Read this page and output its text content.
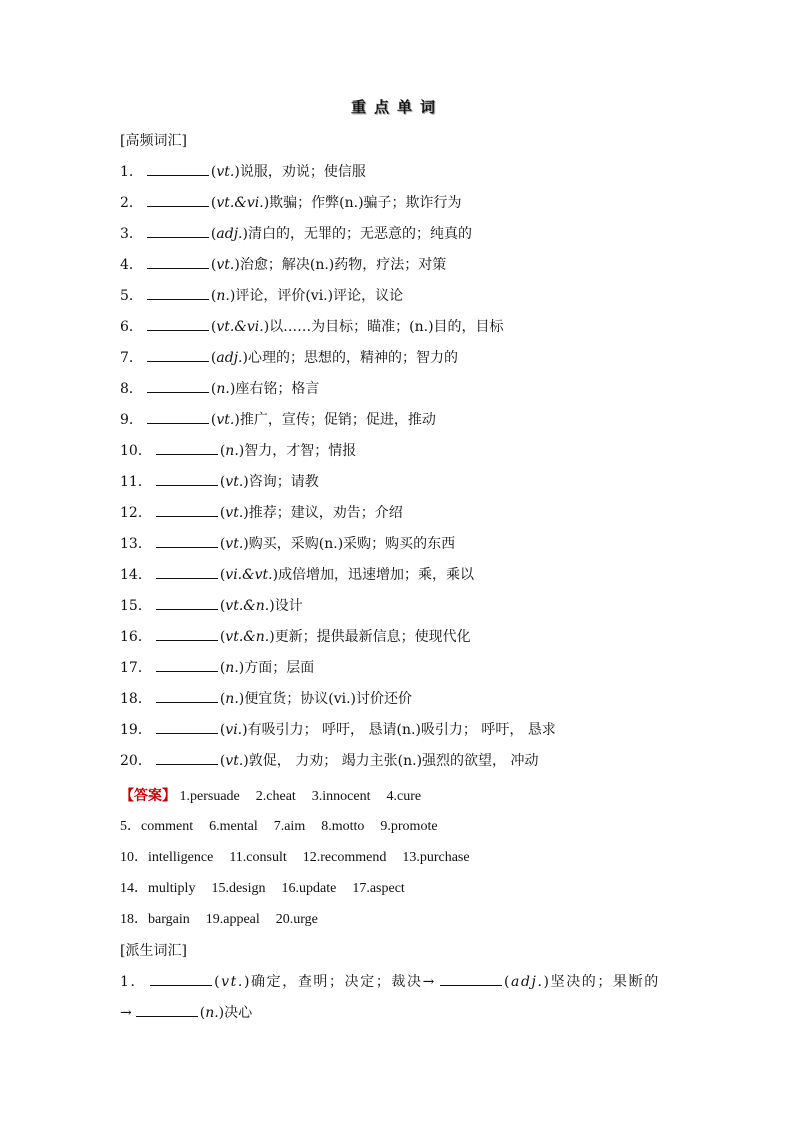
重点单词
[高频词汇]
1．	(vt.)说服，劝说；使信服
2．	(vt.&vi.)欺骗；作弊(n.)骗子；欺诈行为
3．	(adj.)清白的，无罪的；无恶意的；纯真的
4．	(vt.)治愈；解决(n.)药物，疗法；对策
5．	(n.)评论，评价(vi.)评论，议论
6．	(vt.&vi.)以……为目标；瞄准；(n.)目的，目标
7．	(adj.)心理的；思想的，精神的；智力的
8．	(n.)座右铭；格言
9．	(vt.)推广，宣传；促销；促进，推动
10．	(n.)智力，才智；情报
11．	(vt.)咨询；请教
12．	(vt.)推荐；建议，劝告；介绍
13．	(vt.)购买，采购(n.)采购；购买的东西
14．	(vi.&vt.)成倍增加，迅速增加；乘，乘以
15．	(vt.&n.)设计
16．	(vt.&n.)更新；提供最新信息；使现代化
17．	(n.)方面；层面
18．	(n.)便宜货；协议(vi.)讨价还价
19．	(vi.)有吸引力； 呼吁， 恳请(n.)吸引力； 呼吁， 恳求
20．	(vt.)敦促， 力劝； 竭力主张(n.)强烈的欲望， 冲动
【答案】 1.persuade 2.cheat 3.innocent 4.cure
5．comment 6.mental 7.aim 8.motto 9.promote
10．intelligence 11.consult 12.recommend 13.purchase
14．multiply 15.design 16.update 17.aspect
18．bargain 19.appeal 20.urge
[派生词汇]
1．	(vt.)确定，查明；决定；裁决→	(adj.)坚决的；果断的
→	(n.)决心
